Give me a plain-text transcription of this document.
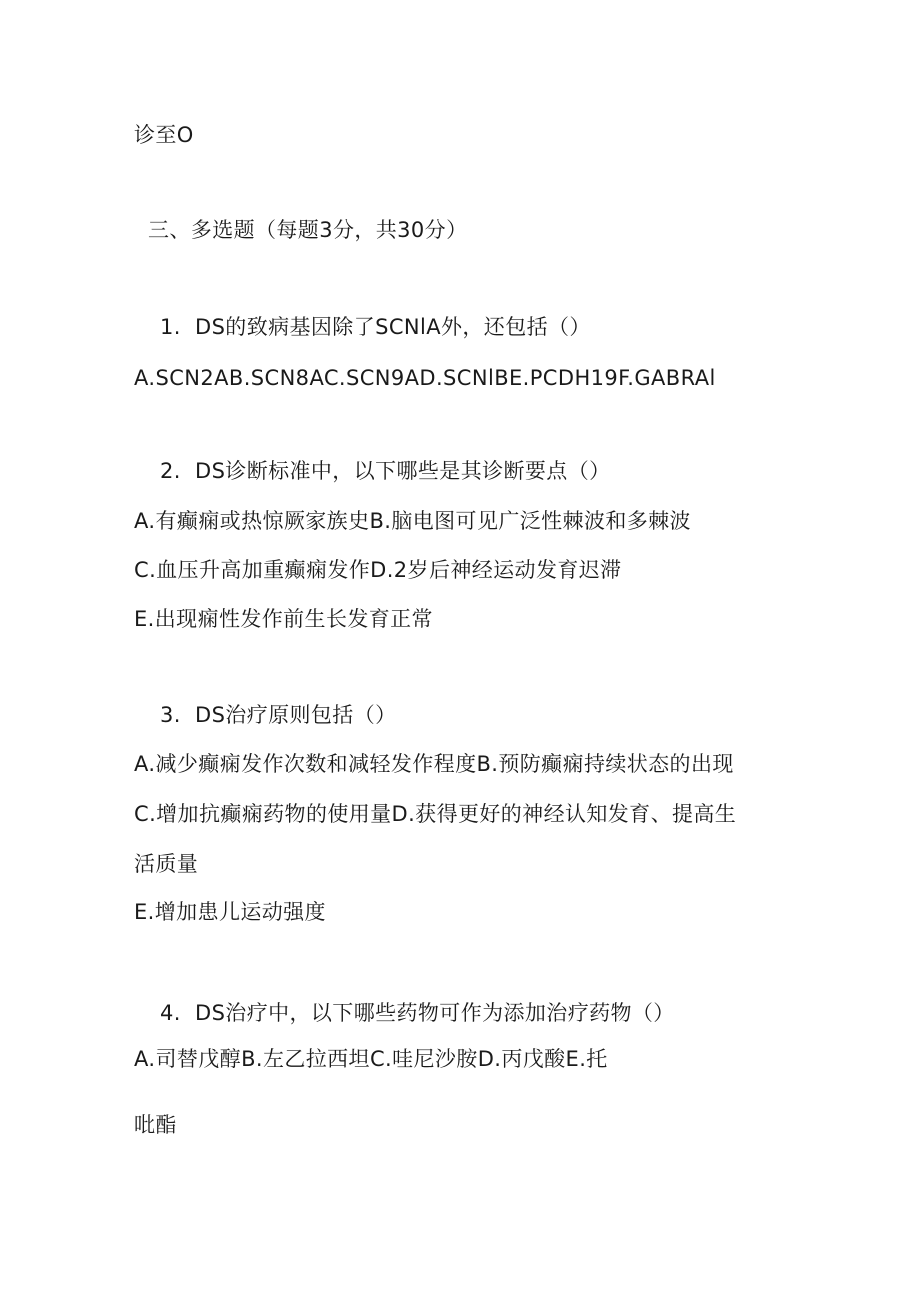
诊至O
三、多选题（每题3分，共30分）
1. DS的致病基因除了SCNlA外，还包括（）
A.SCN2AB.SCN8AC.SCN9AD.SCNlBE.PCDH19F.GABRAl
2. DS诊断标准中，以下哪些是其诊断要点（）
A.有癫痫或热惊厥家族史B.脑电图可见广泛性棘波和多棘波
C.血压升高加重癫痫发作D.2岁后神经运动发育迟滞
E.出现痫性发作前生长发育正常
3. DS治疗原则包括（）
A.减少癫痫发作次数和减轻发作程度B.预防癫痫持续状态的出现
C.增加抗癫痫药物的使用量D.获得更好的神经认知发育、提高生
活质量
E.增加患儿运动强度
4. DS治疗中，以下哪些药物可作为添加治疗药物（）
A.司替戊醇B.左乙拉西坦C.哇尼沙胺D.丙戊酸E.托
吡酯
